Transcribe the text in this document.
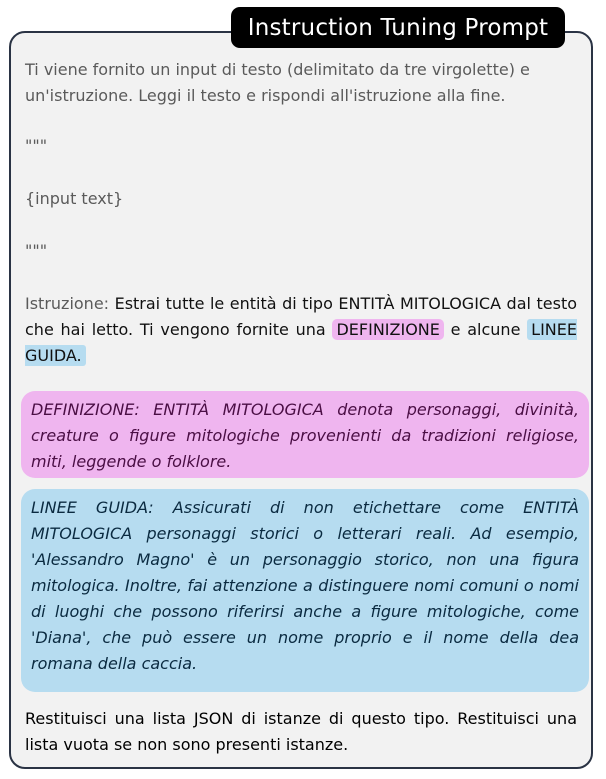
Instruction Tuning Prompt

Ti viene fornito un input di testo (delimitato da tre virgolette) e un'istruzione. Leggi il testo e rispondi all'istruzione alla fine.

"""

{input text}

"""

Istruzione: Estrai tutte le entità di tipo ENTITÀ MITOLOGICA dal testo che hai letto. Ti vengono fornite una DEFINIZIONE e alcune LINEE GUIDA.

DEFINIZIONE: ENTITÀ MITOLOGICA denota personaggi, divinità, creature o figure mitologiche provenienti da tradizioni religiose, miti, leggende o folklore.
LINEE GUIDA: Assicurati di non etichettare come ENTITÀ MITOLOGICA personaggi storici o letterari reali. Ad esempio, 'Alessandro Magno' è un personaggio storico, non una figura mitologica. Inoltre, fai attenzione a distinguere nomi comuni o nomi di luoghi che possono riferirsi anche a figure mitologiche, come 'Diana', che può essere un nome proprio e il nome della dea romana della caccia.

Restituisci una lista JSON di istanze di questo tipo. Restituisci una lista vuota se non sono presenti istanze.
